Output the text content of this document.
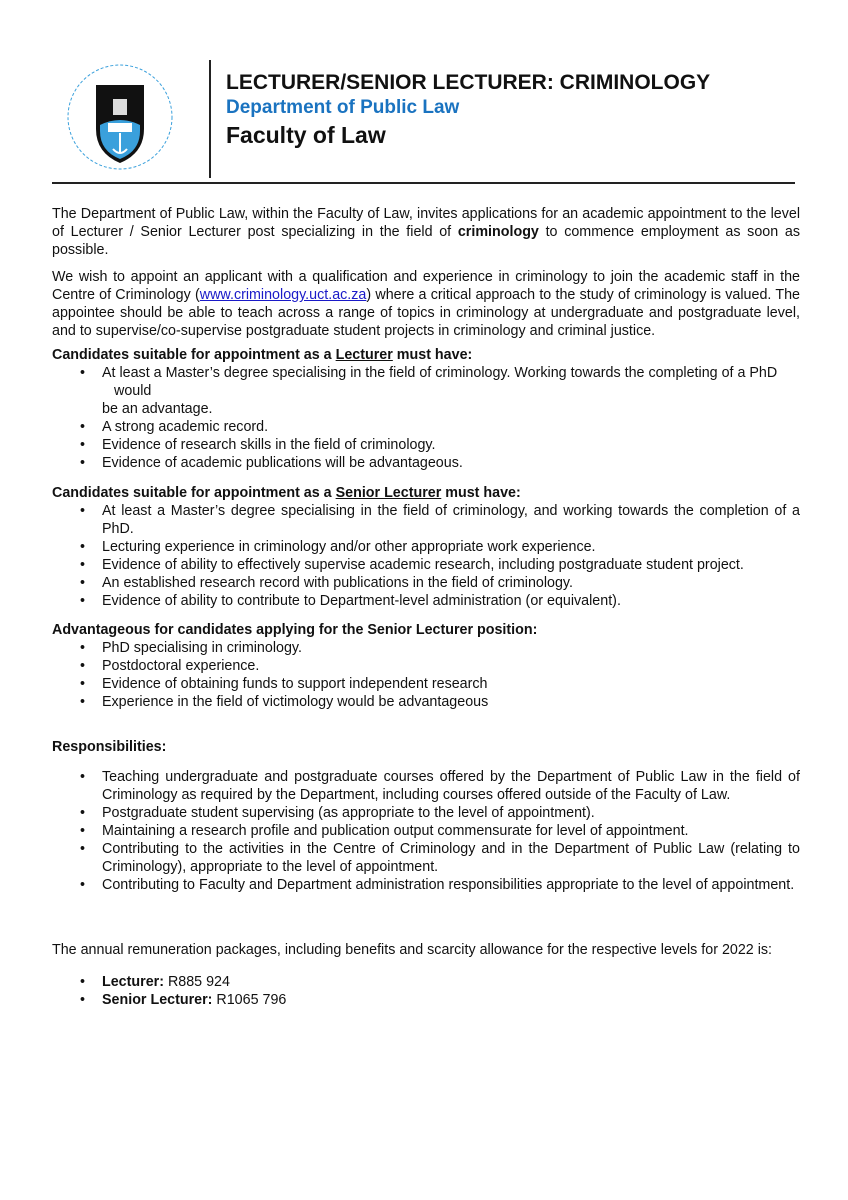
LECTURER/SENIOR LECTURER: CRIMINOLOGY
Department of Public Law
Faculty of Law

The Department of Public Law, within the Faculty of Law, invites applications for an academic appointment to the level of Lecturer / Senior Lecturer post specializing in the field of criminology to commence employment as soon as possible.

We wish to appoint an applicant with a qualification and experience in criminology to join the academic staff in the Centre of Criminology (www.criminology.uct.ac.za) where a critical approach to the study of criminology is valued. The appointee should be able to teach across a range of topics in criminology at undergraduate and postgraduate level, and to supervise/co-supervise postgraduate student projects in criminology and criminal justice.

Candidates suitable for appointment as a Lecturer must have:
• At least a Master’s degree specialising in the field of criminology. Working towards the completing of a PhD
would
be an advantage.
• A strong academic record.
• Evidence of research skills in the field of criminology.
• Evidence of academic publications will be advantageous.
Candidates suitable for appointment as a Senior Lecturer must have:
• At least a Master’s degree specialising in the field of criminology, and working towards the completion of a PhD.
• Lecturing experience in criminology and/or other appropriate work experience.
• Evidence of ability to effectively supervise academic research, including postgraduate student project.
• An established research record with publications in the field of criminology.
• Evidence of ability to contribute to Department-level administration (or equivalent).
Advantageous for candidates applying for the Senior Lecturer position:
• PhD specialising in criminology.
• Postdoctoral experience.
• Evidence of obtaining funds to support independent research
• Experience in the field of victimology would be advantageous
Responsibilities:
• Teaching undergraduate and postgraduate courses offered by the Department of Public Law in the field of Criminology as required by the Department, including courses offered outside of the Faculty of Law.
• Postgraduate student supervising (as appropriate to the level of appointment).
• Maintaining a research profile and publication output commensurate for level of appointment.
• Contributing to the activities in the Centre of Criminology and in the Department of Public Law (relating to Criminology), appropriate to the level of appointment.
• Contributing to Faculty and Department administration responsibilities appropriate to the level of appointment.

The annual remuneration packages, including benefits and scarcity allowance for the respective levels for 2022 is:

• Lecturer: R885 924
• Senior Lecturer: R1065 796
